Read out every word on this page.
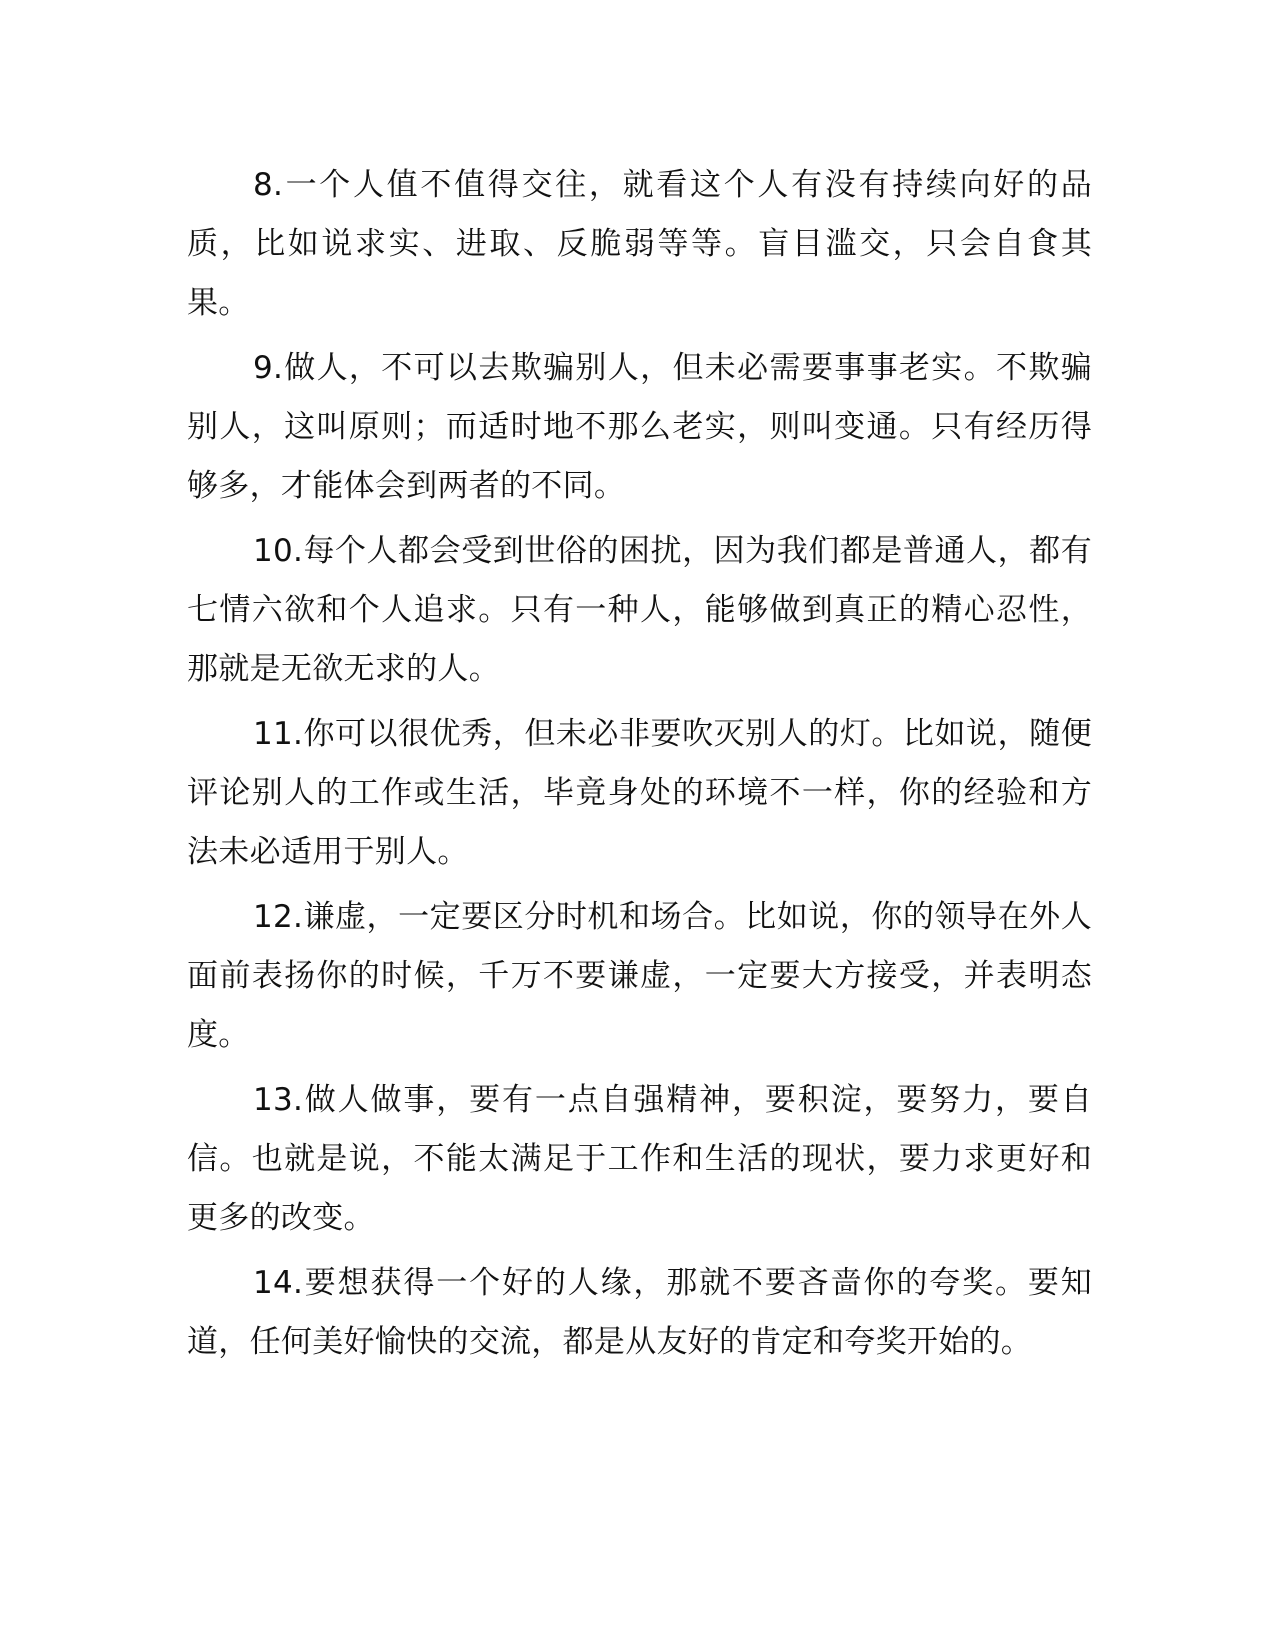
8.一个人值不值得交往，就看这个人有没有持续向好的品质，比如说求实、进取、反脆弱等等。盲目滥交，只会自食其果。

9.做人，不可以去欺骗别人，但未必需要事事老实。不欺骗别人，这叫原则；而适时地不那么老实，则叫变通。只有经历得够多，才能体会到两者的不同。

10.每个人都会受到世俗的困扰，因为我们都是普通人，都有七情六欲和个人追求。只有一种人，能够做到真正的精心忍性，那就是无欲无求的人。

11.你可以很优秀，但未必非要吹灭别人的灯。比如说，随便评论别人的工作或生活，毕竟身处的环境不一样，你的经验和方法未必适用于别人。

12.谦虚，一定要区分时机和场合。比如说，你的领导在外人面前表扬你的时候，千万不要谦虚，一定要大方接受，并表明态度。

13.做人做事，要有一点自强精神，要积淀，要努力，要自信。也就是说，不能太满足于工作和生活的现状，要力求更好和更多的改变。

14.要想获得一个好的人缘，那就不要吝啬你的夸奖。要知道，任何美好愉快的交流，都是从友好的肯定和夸奖开始的。
